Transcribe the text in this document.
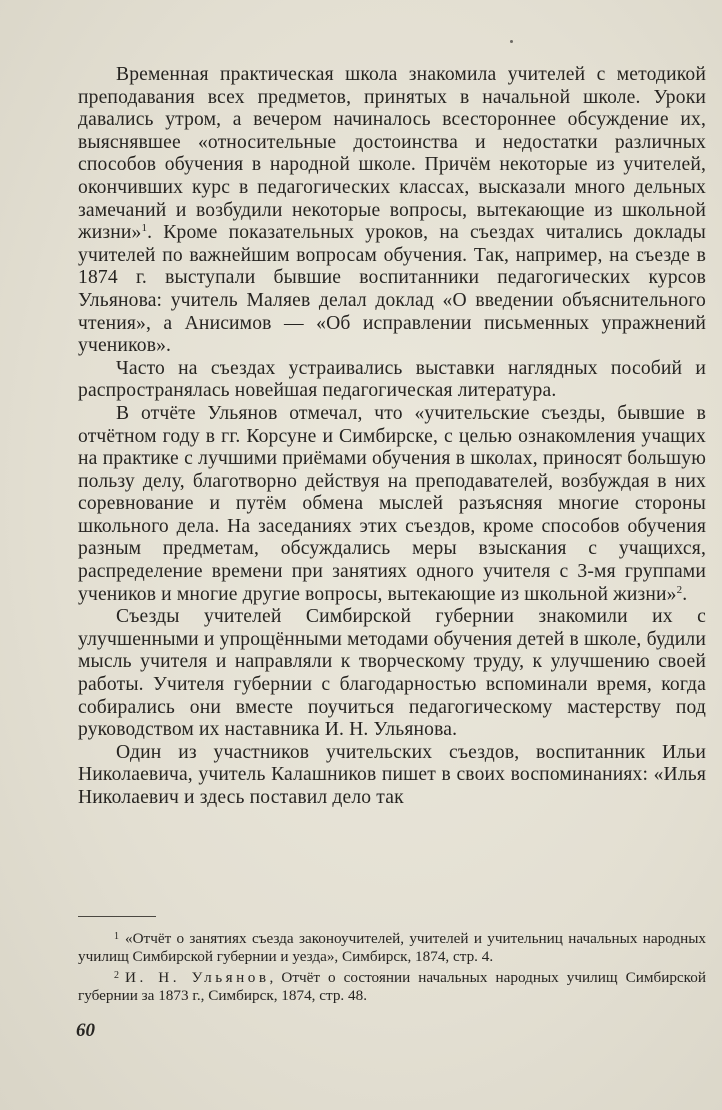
Временная практическая школа знакомила учителей с методикой преподавания всех предметов, принятых в начальной школе. Уроки давались утром, а вечером начиналось всестороннее обсуждение их, выяснявшее «относительные достоинства и недостатки различных способов обучения в народной школе. Причём некоторые из учителей, окончивших курс в педагогических классах, высказали много дельных замечаний и возбудили некоторые вопросы, вытекающие из школьной жизни»$^1$. Кроме показательных уроков, на съездах читались доклады учителей по важнейшим вопросам обучения. Так, например, на съезде в 1874 г. выступали бывшие воспитанники педагогических курсов Ульянова: учитель Маляев делал доклад «О введении объяснительного чтения», а Анисимов — «Об исправлении письменных упражнений учеников».

Часто на съездах устраивались выставки наглядных пособий и распространялась новейшая педагогическая литература.

В отчёте Ульянов отмечал, что «учительские съезды, бывшие в отчётном году в гг. Корсуне и Симбирске, с целью ознакомления учащих на практике с лучшими приёмами обучения в школах, приносят большую пользу делу, благотворно действуя на преподавателей, возбуждая в них соревнование и путём обмена мыслей разъясняя многие стороны школьного дела. На заседаниях этих съездов, кроме способов обучения разным предметам, обсуждались меры взыскания с учащихся, распределение времени при занятиях одного учителя с 3-мя группами учеников и многие другие вопросы, вытекающие из школьной жизни»$^2$.

Съезды учителей Симбирской губернии знакомили их с улучшенными и упрощёнными методами обучения детей в школе, будили мысль учителя и направляли к творческому труду, к улучшению своей работы. Учителя губернии с благодарностью вспоминали время, когда собирались они вместе поучиться педагогическому мастерству под руководством их наставника И. Н. Ульянова.

Один из участников учительских съездов, воспитанник Ильи Николаевича, учитель Калашников пишет в своих воспоминаниях: «Илья Николаевич и здесь поставил дело так

$^1$ «Отчёт о занятиях съезда законоучителей, учителей и учительниц начальных народных училищ Симбирской губернии и уезда», Симбирск, 1874, стр. 4.

$^2$ И. Н. Ульянов, Отчёт о состоянии начальных народных училищ Симбирской губернии за 1873 г., Симбирск, 1874, стр. 48.

60
